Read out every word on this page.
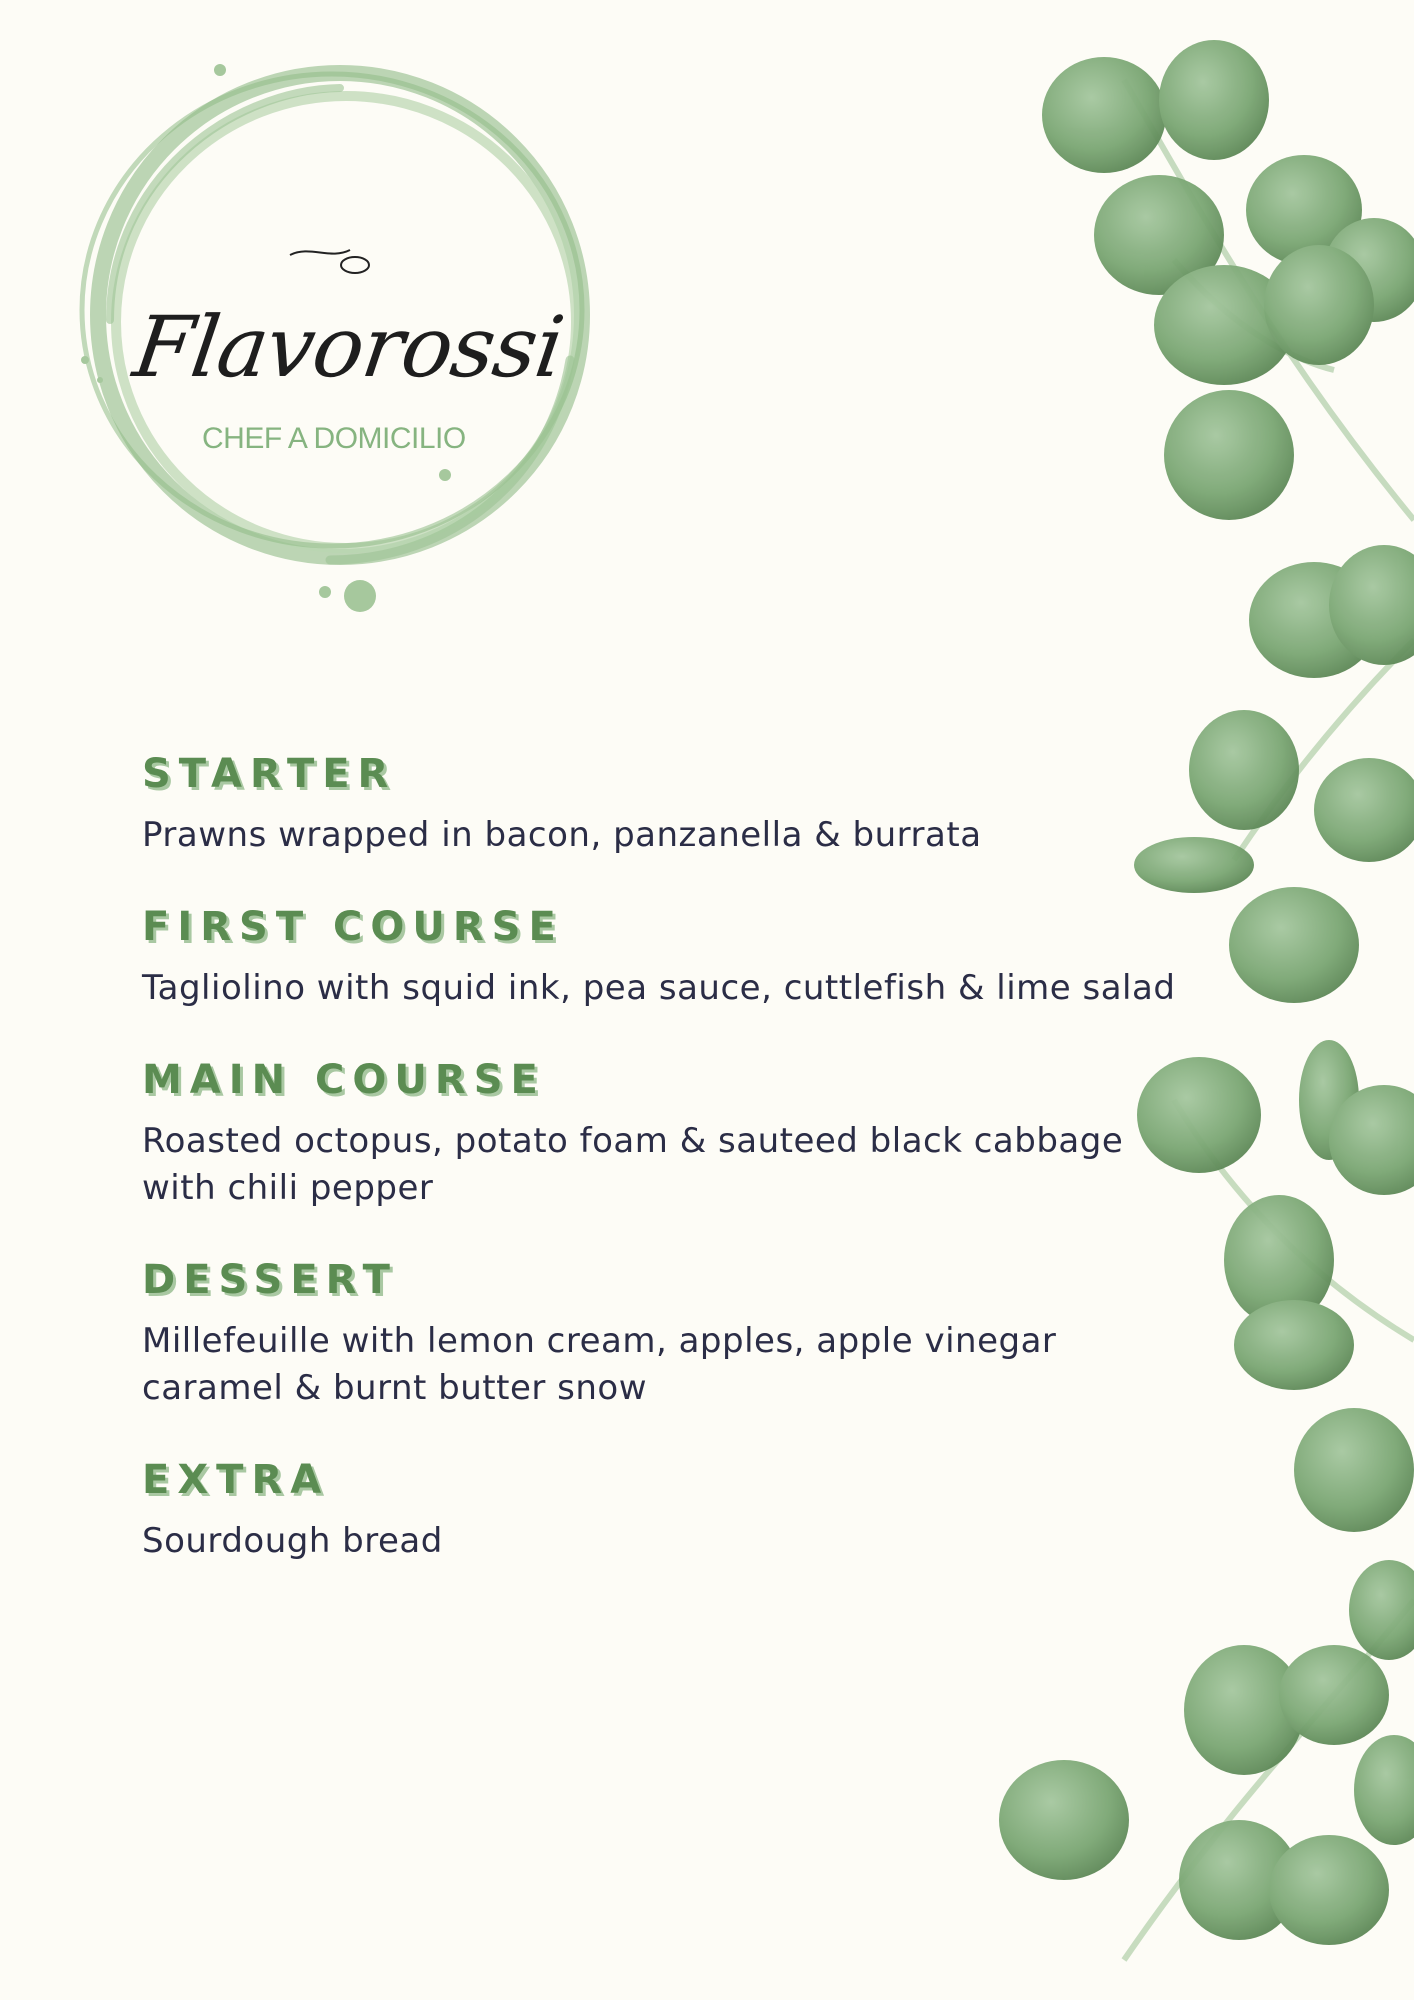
Flavorossi
CHEF A DOMICILIO
STARTER

Prawns wrapped in bacon, panzanella & burrata

FIRST COURSE

Tagliolino with squid ink, pea sauce, cuttlefish & lime salad

MAIN COURSE

Roasted octopus, potato foam & sauteed black cabbage with chili pepper

DESSERT

Millefeuille with lemon cream, apples, apple vinegar caramel & burnt butter snow

EXTRA

Sourdough bread
